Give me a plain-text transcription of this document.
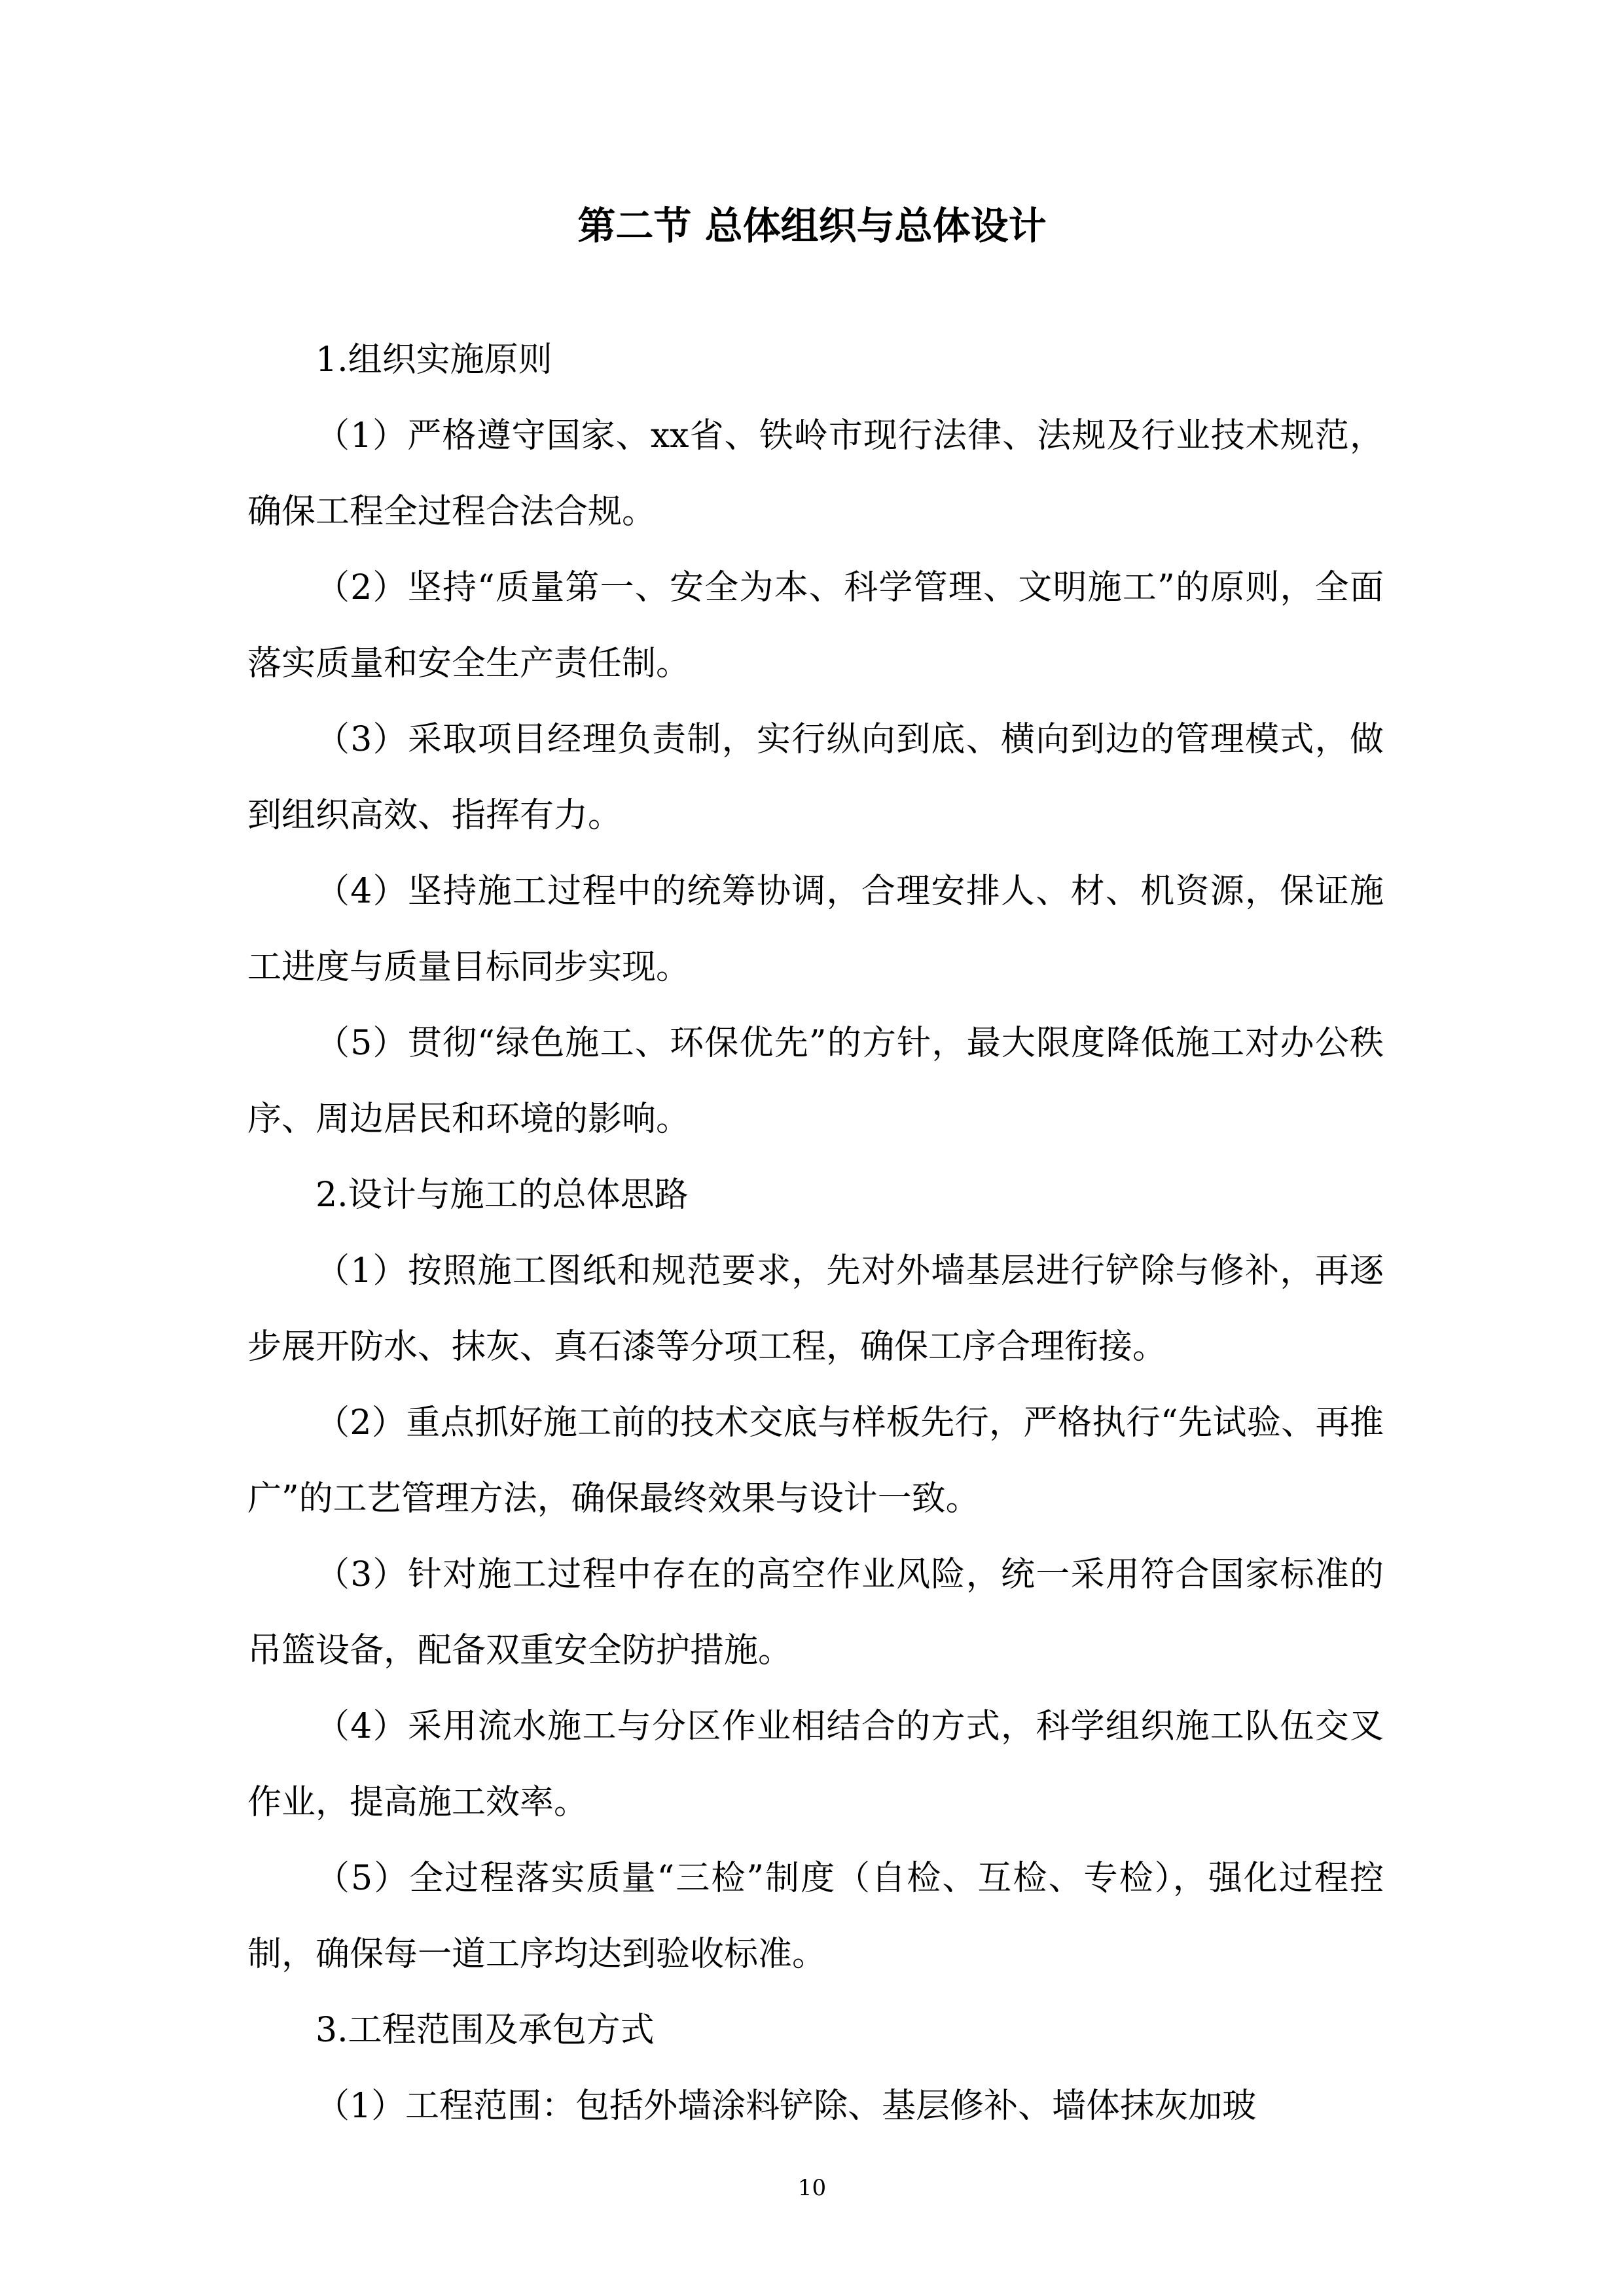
第二节 总体组织与总体设计

1.组织实施原则

（1）严格遵守国家、xx省、铁岭市现行法律、法规及行业技术规范，确保工程全过程合法合规。

（2）坚持“质量第一、安全为本、科学管理、文明施工”的原则，全面落实质量和安全生产责任制。

（3）采取项目经理负责制，实行纵向到底、横向到边的管理模式，做到组织高效、指挥有力。

（4）坚持施工过程中的统筹协调，合理安排人、材、机资源，保证施工进度与质量目标同步实现。

（5）贯彻“绿色施工、环保优先”的方针，最大限度降低施工对办公秩序、周边居民和环境的影响。

2.设计与施工的总体思路

（1）按照施工图纸和规范要求，先对外墙基层进行铲除与修补，再逐步展开防水、抹灰、真石漆等分项工程，确保工序合理衔接。

（2）重点抓好施工前的技术交底与样板先行，严格执行“先试验、再推广”的工艺管理方法，确保最终效果与设计一致。

（3）针对施工过程中存在的高空作业风险，统一采用符合国家标准的吊篮设备，配备双重安全防护措施。

（4）采用流水施工与分区作业相结合的方式，科学组织施工队伍交叉作业，提高施工效率。

（5）全过程落实质量“三检”制度（自检、互检、专检），强化过程控制，确保每一道工序均达到验收标准。

3.工程范围及承包方式

（1）工程范围：包括外墙涂料铲除、基层修补、墙体抹灰加玻

10
